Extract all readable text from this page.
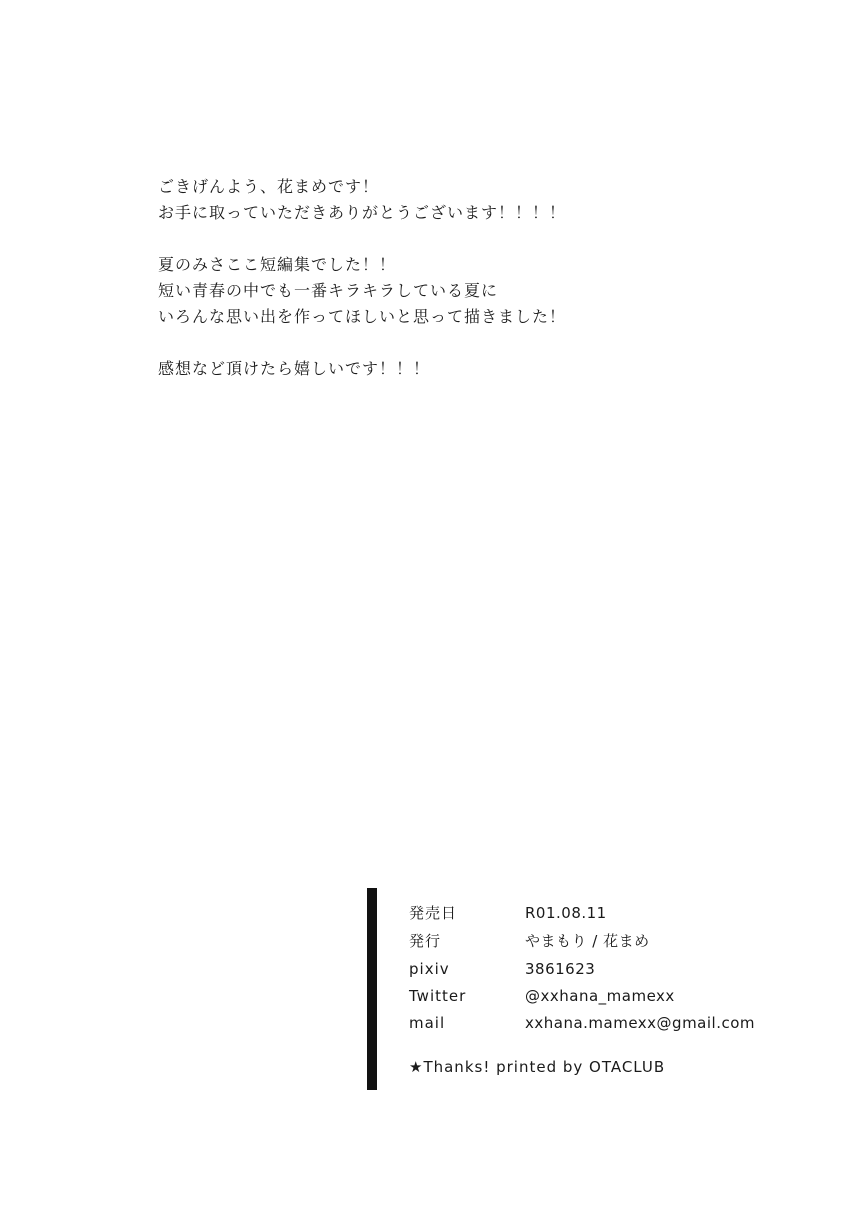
ごきげんよう、花まめです！
お手に取っていただきありがとうございます！！！！
夏のみさここ短編集でした！！
短い青春の中でも一番キラキラしている夏に
いろんな思い出を作ってほしいと思って描きました！
感想など頂けたら嬉しいです！！！
発売日	R01.08.11
発行	やまもり / 花まめ
pixiv	3861623
Twitter	@xxhana_mamexx
mail	xxhana.mamexx@gmail.com
★Thanks! printed by OTACLUB
